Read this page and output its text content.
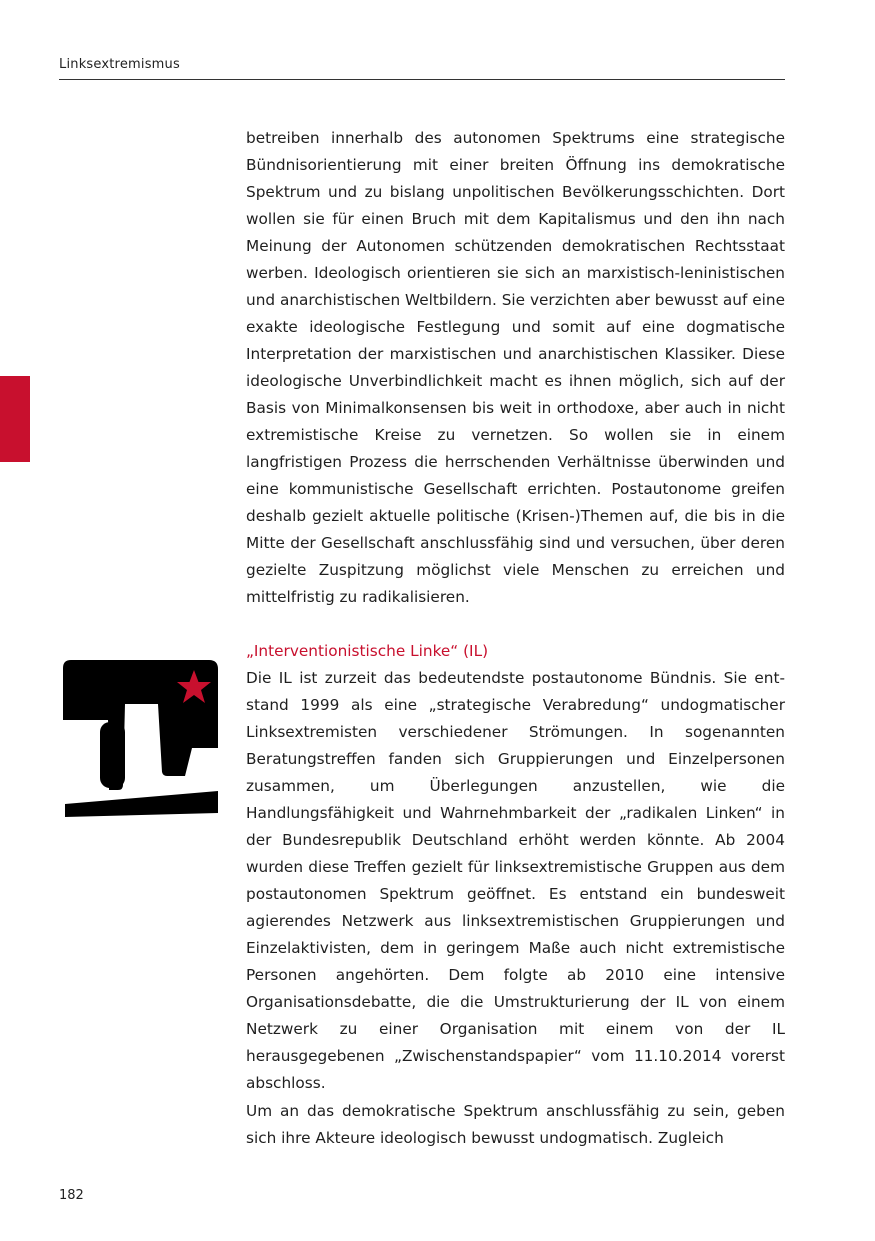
Linksextremismus

betreiben innerhalb des autonomen Spektrums eine strategische Bündnisorientierung mit einer breiten Öffnung ins demokratische Spektrum und zu bislang unpolitischen Bevölkerungsschichten. Dort wollen sie für einen Bruch mit dem Kapitalismus und den ihn nach Meinung der Autonomen schützenden demokratischen Rechtsstaat werben. Ideologisch orientieren sie sich an marxistisch-leninistischen und anarchistischen Weltbildern. Sie verzichten aber bewusst auf eine exakte ideologische Festlegung und somit auf eine dogmatische Interpretation der marxistischen und anarchistischen Klassiker. Diese ideologische Unverbindlichkeit macht es ihnen möglich, sich auf der Basis von Minimalkonsensen bis weit in orthodoxe, aber auch in nicht extremistische Kreise zu vernetzen. So wollen sie in einem langfristigen Prozess die herrschenden Verhältnisse überwinden und eine kommunistische Gesellschaft errichten. Postautonome greifen deshalb gezielt aktuelle politische (Krisen-)Themen auf, die bis in die Mitte der Gesellschaft anschlussfähig sind und versuchen, über deren gezielte Zuspitzung möglichst viele Menschen zu erreichen und mittelfristig zu radikalisieren.

„Interventionistische Linke“ (IL)

Die IL ist zurzeit das bedeutendste postautonome Bündnis. Sie entstand 1999 als eine „strategische Verabredung“ undogmatischer Linksextremisten verschiedener Strömungen. In sogenannten Beratungstreffen fanden sich Gruppierungen und Einzelpersonen zusammen, um Überlegungen anzustellen, wie die Handlungsfähigkeit und Wahrnehmbarkeit der „radikalen Linken“ in der Bundesrepublik Deutschland erhöht werden könnte. Ab 2004 wurden diese Treffen gezielt für linksextremistische Gruppen aus dem postautonomen Spektrum geöffnet. Es entstand ein bundesweit agierendes Netzwerk aus linksextremistischen Gruppierungen und Einzelaktivisten, dem in geringem Maße auch nicht extremistische Personen angehörten. Dem folgte ab 2010 eine intensive Organisationsdebatte, die die Umstrukturierung der IL von einem Netzwerk zu einer Organisation mit einem von der IL herausgegebenen „Zwischenstandspapier“ vom 11.10.2014 vorerst abschloss.

Um an das demokratische Spektrum anschlussfähig zu sein, geben sich ihre Akteure ideologisch bewusst undogmatisch. Zugleich

182
